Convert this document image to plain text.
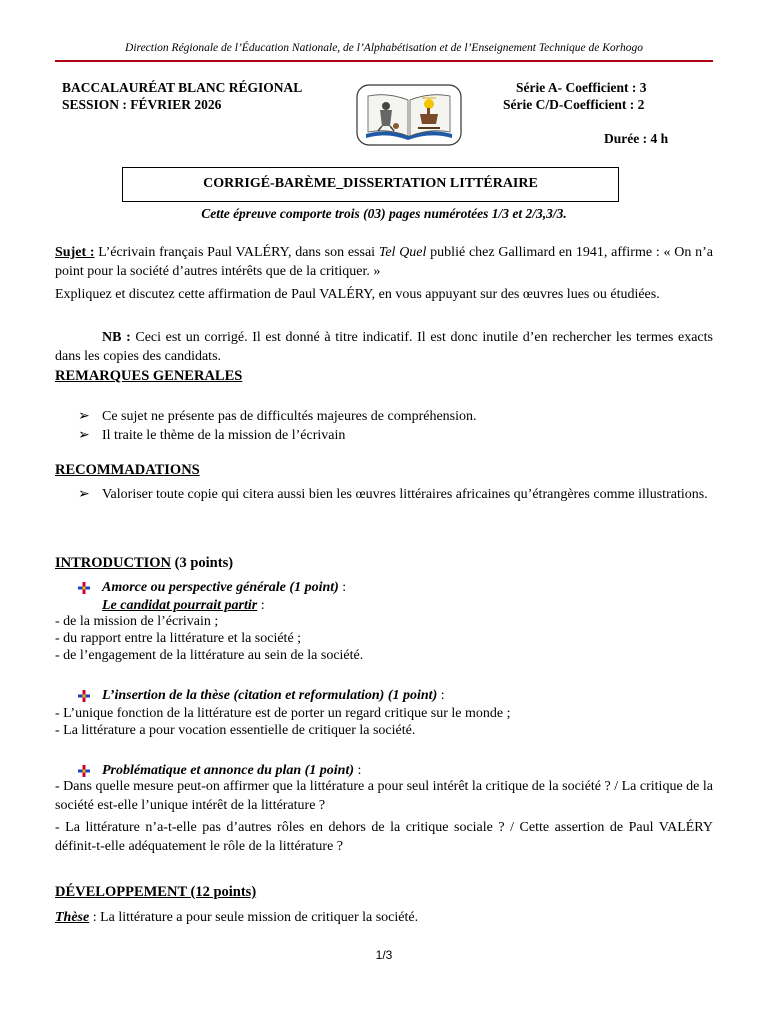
Direction Régionale de l’Éducation Nationale, de l’Alphabétisation et de l’Enseignement Technique de Korhogo
BACCALAURÉAT BLANC RÉGIONAL
SESSION : FÉVRIER 2026
Série A- Coefficient : 3
Série C/D-Coefficient : 2
Durée : 4 h
CORRIGÉ-BARÈME_DISSERTATION LITTÉRAIRE
Cette épreuve comporte trois (03) pages numérotées 1/3 et 2/3,3/3.
Sujet : L’écrivain français Paul VALÉRY, dans son essai Tel Quel publié chez Gallimard en 1941, affirme : « On n’a point pour la société d’autres intérêts que de la critiquer. »
Expliquez et discutez cette affirmation de Paul VALÉRY, en vous appuyant sur des œuvres lues ou étudiées.
NB : Ceci est un corrigé. Il est donné à titre indicatif. Il est donc inutile d’en rechercher les termes exacts dans les copies des candidats.
REMARQUES GENERALES
➢ Ce sujet ne présente pas de difficultés majeures de compréhension.
➢ Il traite le thème de la mission de l’écrivain
RECOMMADATIONS
➢ Valoriser toute copie qui citera aussi bien les œuvres littéraires africaines qu’étrangères comme illustrations.
INTRODUCTION (3 points)
Amorce ou perspective générale (1 point) :
Le candidat pourrait partir :
- de la mission de l’écrivain ;
- du rapport entre la littérature et la société ;
- de l’engagement de la littérature au sein de la société.
L’insertion de la thèse (citation et reformulation) (1 point) :
- L’unique fonction de la littérature est de porter un regard critique sur le monde ;
- La littérature a pour vocation essentielle de critiquer la société.
Problématique et annonce du plan (1 point) :
- Dans quelle mesure peut-on affirmer que la littérature a pour seul intérêt la critique de la société ? / La critique de la société est-elle l’unique intérêt de la littérature ?
- La littérature n’a-t-elle pas d’autres rôles en dehors de la critique sociale ? / Cette assertion de Paul VALÉRY définit-t-elle adéquatement le rôle de la littérature ?
DÉVELOPPEMENT (12 points)
Thèse : La littérature a pour seule mission de critiquer la société.
1/3
